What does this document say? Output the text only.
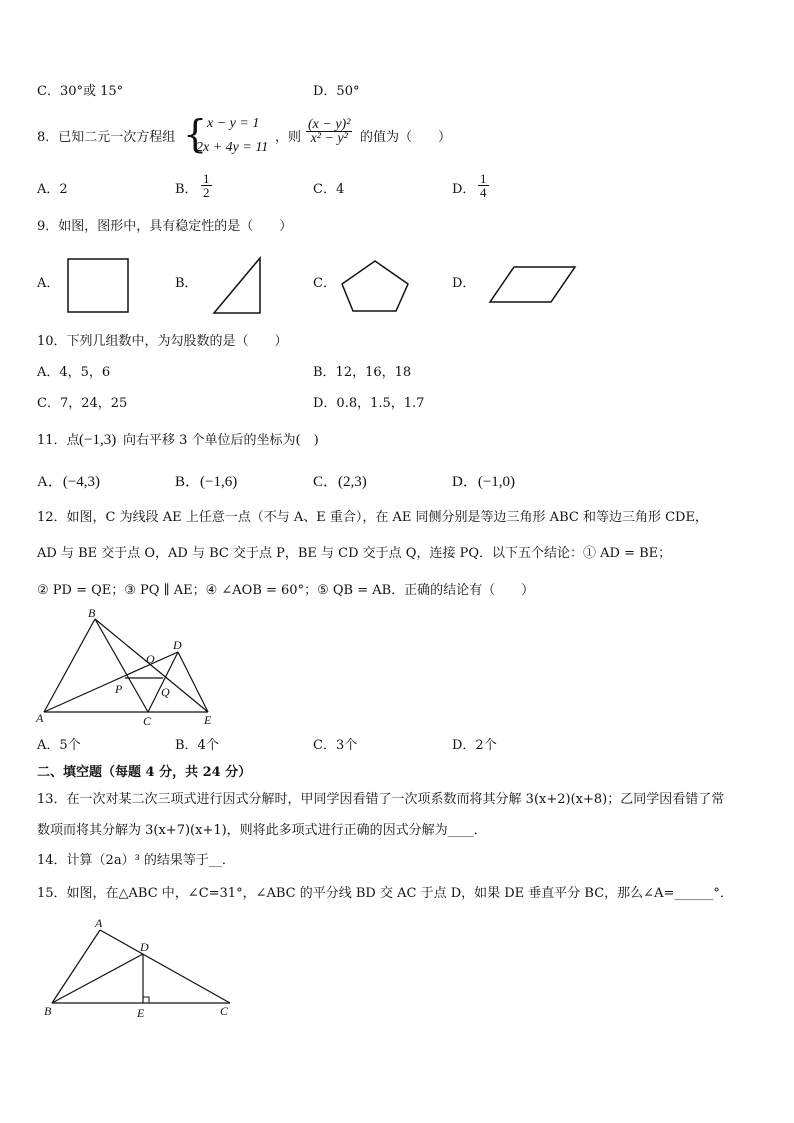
C．30°或 15°	D．50°
8．已知二元一次方程组 { x − y = 1
2x + 4y = 11
，则 $\frac{\text{(x − y)²}}{\text{x² − y²}}$ 的值为（　　）
A．2	B． $\frac{1}{2}$	C．4	D． $\frac{1}{4}$
9．如图，图形中，具有稳定性的是（　　）
A．	B．	C．	D．
10．下列几组数中，为勾股数的是（　　）
A．4，5，6	B．12，16，18
C．7，24，25	D．0.8，1.5，1.7
11．点 (−1,3) 向右平移 3 个单位后的坐标为(　)
A．(−4,3)	B．(−1,6)	C．(2,3)	D．(−1,0)
12．如图，C 为线段 AE 上任意一点（不与 A、E 重合），在 AE 同侧分别是等边三角形 ABC 和等边三角形 CDE，
AD 与 BE 交于点 O，AD 与 BC 交于点 P，BE 与 CD 交于点 Q，连接 PQ．以下五个结论：① AD = BE；
② PD = QE；③ PQ ∥ AE；④ ∠AOB = 60°；⑤ QB = AB．正确的结论有（　　）
B
A	C
D
E
O
P	Q
A．5个	B．4个	C．3个	D．2个
二、填空题（每题 4 分，共 24 分）
13．在一次对某二次三项式进行因式分解时，甲同学因看错了一次项系数而将其分解 3(x+2)(x+8)；乙同学因看错了常
数项而将其分解为 3(x+7)(x+1)，则将此多项式进行正确的因式分解为____．
14．计算（2a）³ 的结果等于__．
15．如图，在△ABC 中，∠C=31°，∠ABC 的平分线 BD 交 AC 于点 D，如果 DE 垂直平分 BC，那么∠A=______°．
A
D
B	E	C
